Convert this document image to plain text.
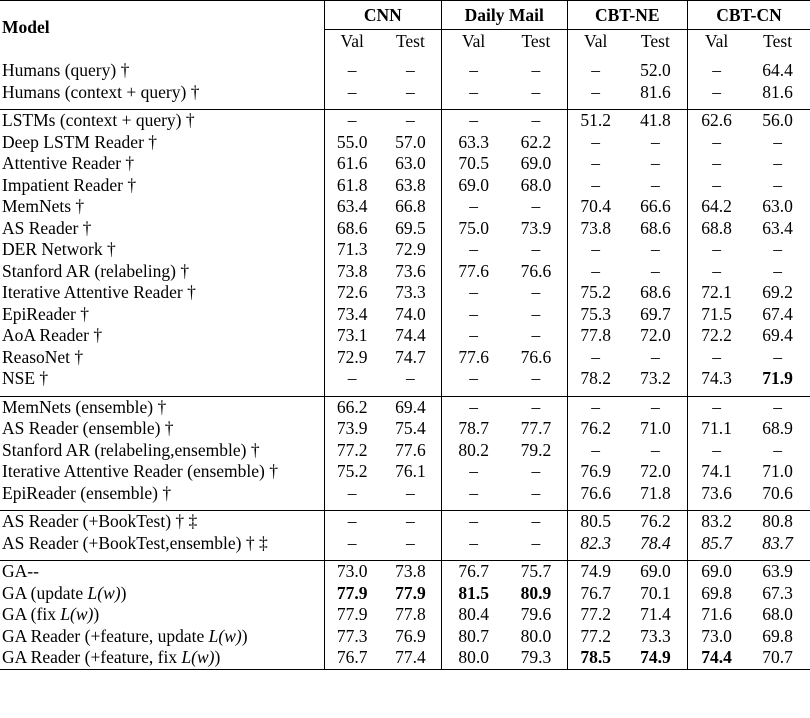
Model	CNN		Daily Mail		CBT-NE		CBT-CN	
	Val	Test	Val	Test	Val	Test	Val	Test

Humans (query) †	–	–	–	–	–	52.0	–	64.4
Humans (context + query) †	–	–	–	–	–	81.6	–	81.6

LSTMs (context + query) †	–	–	–	–	51.2	41.8	62.6	56.0
Deep LSTM Reader †	55.0	57.0	63.3	62.2	–	–	–	–
Attentive Reader †	61.6	63.0	70.5	69.0	–	–	–	–
Impatient Reader †	61.8	63.8	69.0	68.0	–	–	–	–
MemNets †	63.4	66.8	–	–	70.4	66.6	64.2	63.0
AS Reader †	68.6	69.5	75.0	73.9	73.8	68.6	68.8	63.4
DER Network †	71.3	72.9	–	–	–	–	–	–
Stanford AR (relabeling) †	73.8	73.6	77.6	76.6	–	–	–	–
Iterative Attentive Reader †	72.6	73.3	–	–	75.2	68.6	72.1	69.2
EpiReader †	73.4	74.0	–	–	75.3	69.7	71.5	67.4
AoA Reader †	73.1	74.4	–	–	77.8	72.0	72.2	69.4
ReasoNet †	72.9	74.7	77.6	76.6	–	–	–	–
NSE †	–	–	–	–	78.2	73.2	74.3	71.9

MemNets (ensemble) †	66.2	69.4	–	–	–	–	–	–
AS Reader (ensemble) †	73.9	75.4	78.7	77.7	76.2	71.0	71.1	68.9
Stanford AR (relabeling,ensemble) †	77.2	77.6	80.2	79.2	–	–	–	–
Iterative Attentive Reader (ensemble) †	75.2	76.1	–	–	76.9	72.0	74.1	71.0
EpiReader (ensemble) †	–	–	–	–	76.6	71.8	73.6	70.6

AS Reader (+BookTest) † ‡	–	–	–	–	80.5	76.2	83.2	80.8
AS Reader (+BookTest,ensemble) † ‡	–	–	–	–	82.3	78.4	85.7	83.7

GA--	73.0	73.8	76.7	75.7	74.9	69.0	69.0	63.9
GA (update L(w))	77.9	77.9	81.5	80.9	76.7	70.1	69.8	67.3
GA (fix L(w))	77.9	77.8	80.4	79.6	77.2	71.4	71.6	68.0
GA Reader (+feature, update L(w))	77.3	76.9	80.7	80.0	77.2	73.3	73.0	69.8
GA Reader (+feature, fix L(w))	76.7	77.4	80.0	79.3	78.5	74.9	74.4	70.7
